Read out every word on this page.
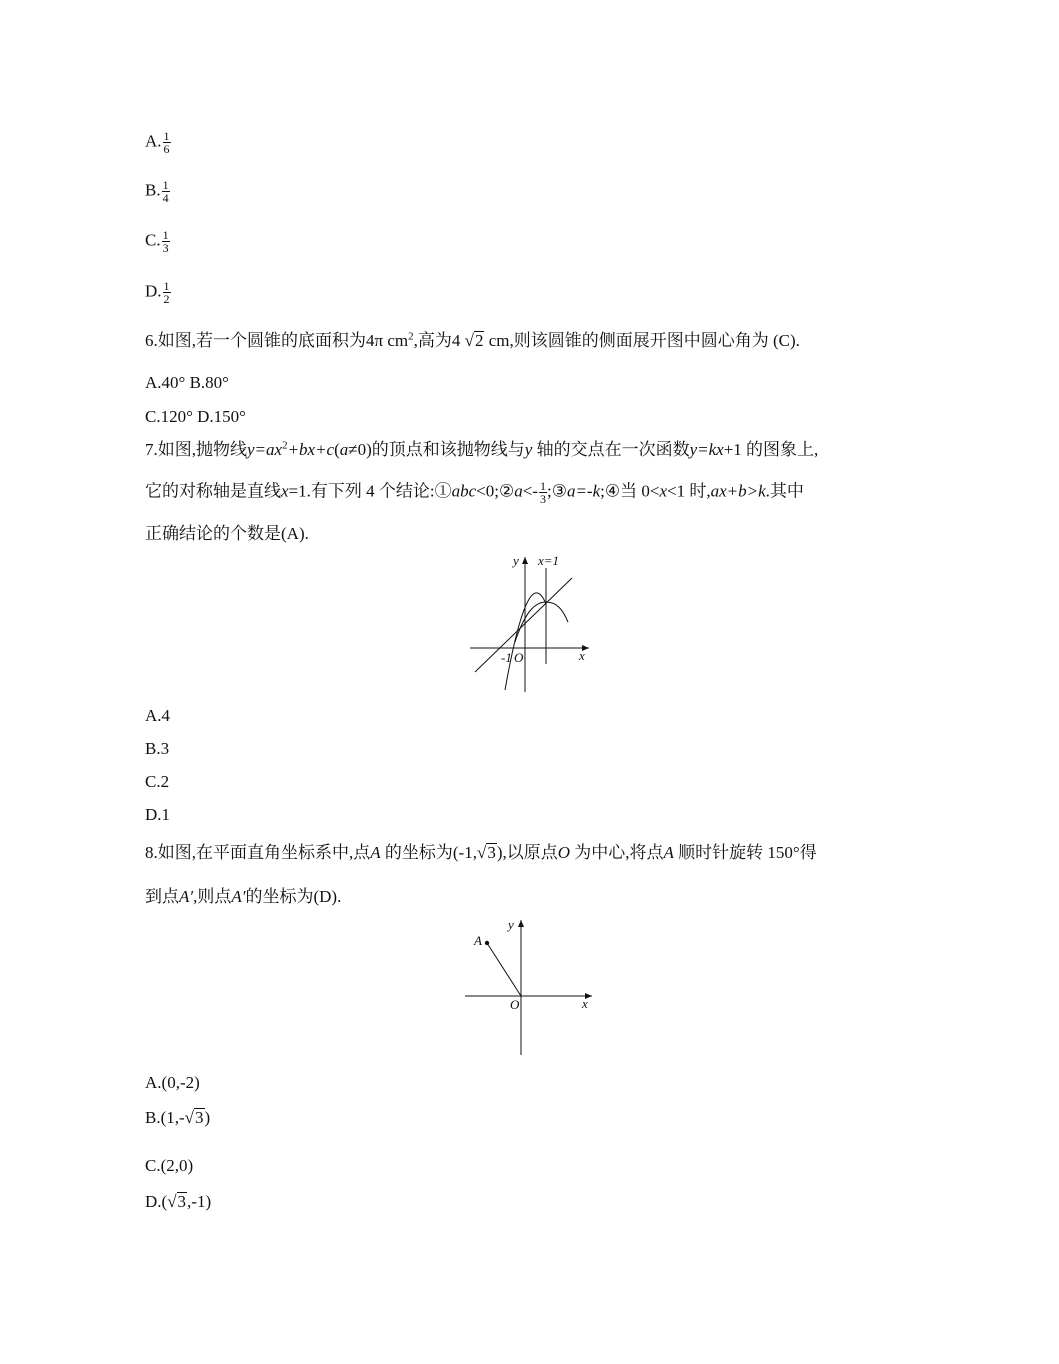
A. $\frac{1}{6}$
B. $\frac{1}{4}$
C. $\frac{1}{3}$
D. $\frac{1}{2}$
6.如图,若一个圆锥的底面积为4π $cm^2$,高为4 √2 cm,则该圆锥的侧面展开图中圆心角为 (C).
A.40° B.80°
C.120° D.150°
7.如图,抛物线$y=ax^2+bx+c(a\ne 0)$的顶点和该抛物线与y 轴的交点在一次函数y=kx+1 的图象上,
它的对称轴是直线x=1.有下列 4 个结论:①abc<0;②a<- $\frac{1}{3}$ ;③a=-k;④当 0<x<1 时,ax+b>k.其中
正确结论的个数是(A).
y x=1
x
-1 O
A.4
B.3
C.2
D.1
8.如图,在平面直角坐标系中,点A 的坐标为(-1,√3),以原点O 为中心,将点A 顺时针旋转 150°得
到点A′,则点A′的坐标为(D).
A
y
x
O
A.(0,-2)
B.(1,-√3)
C.(2,0)
D.(√3,-1)
